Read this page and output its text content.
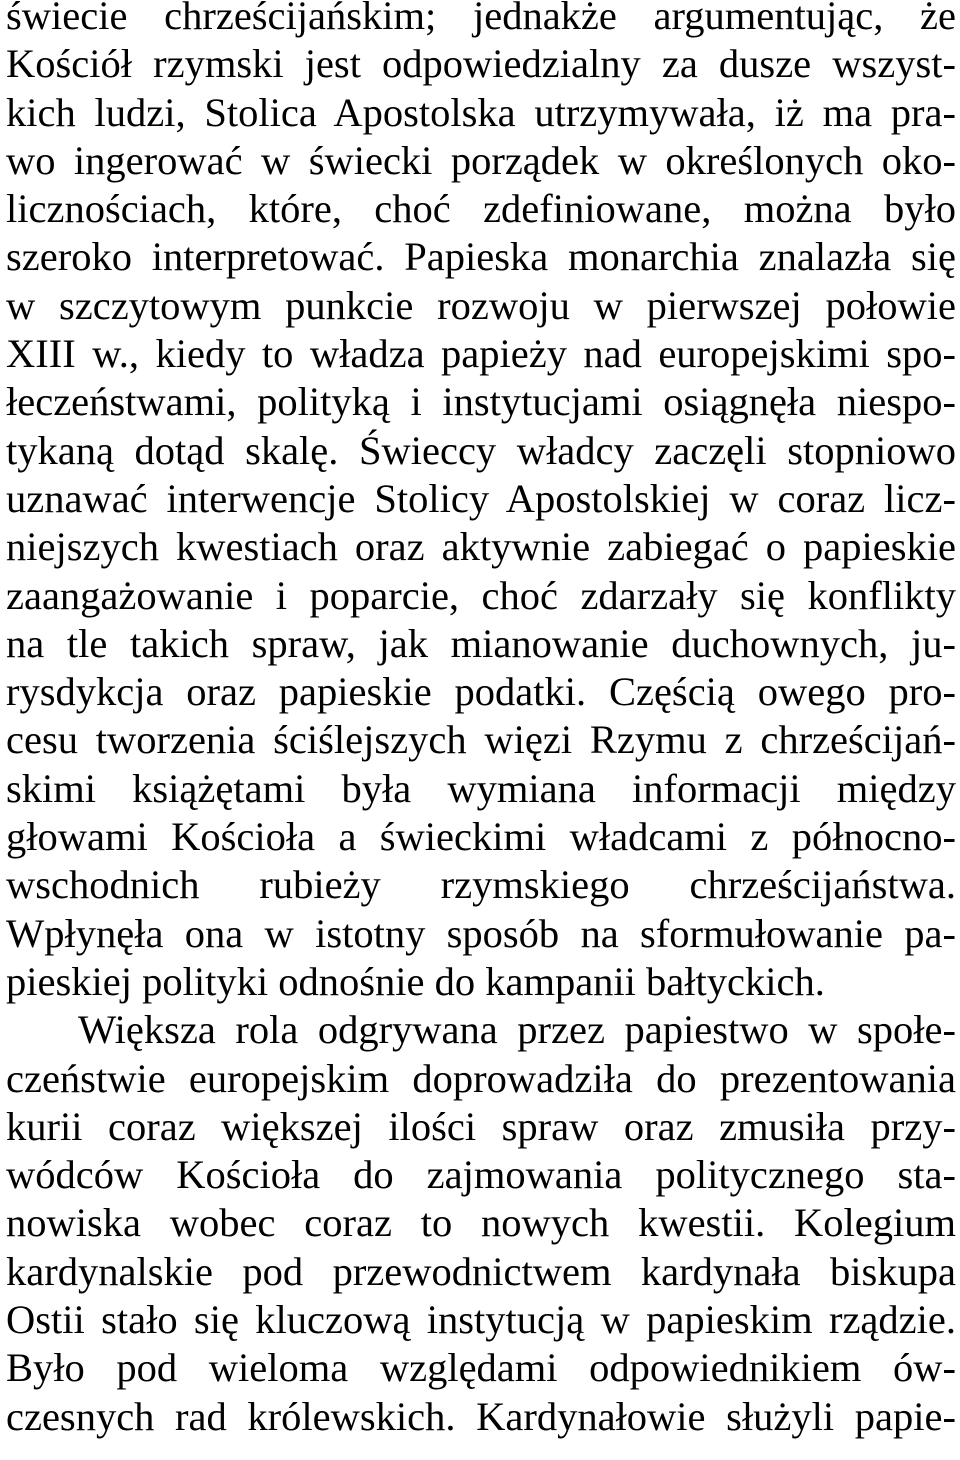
świecie chrześcijańskim; jednakże argumentując, że
Kościół rzymski jest odpowiedzialny za dusze wszyst-
kich ludzi, Stolica Apostolska utrzymywała, iż ma pra-
wo ingerować w świecki porządek w określonych oko-
licznościach, które, choć zdefiniowane, można było
szeroko interpretować. Papieska monarchia znalazła się
w szczytowym punkcie rozwoju w pierwszej połowie
XIII w., kiedy to władza papieży nad europejskimi spo-
łeczeństwami, polityką i instytucjami osiągnęła niespo-
tykaną dotąd skalę. Świeccy władcy zaczęli stopniowo
uznawać interwencje Stolicy Apostolskiej w coraz licz-
niejszych kwestiach oraz aktywnie zabiegać o papieskie
zaangażowanie i poparcie, choć zdarzały się konflikty
na tle takich spraw, jak mianowanie duchownych, ju-
rysdykcja oraz papieskie podatki. Częścią owego pro-
cesu tworzenia ściślejszych więzi Rzymu z chrześcijań-
skimi książętami była wymiana informacji między
głowami Kościoła a świeckimi władcami z północno-
wschodnich rubieży rzymskiego chrześcijaństwa.
Wpłynęła ona w istotny sposób na sformułowanie pa-
pieskiej polityki odnośnie do kampanii bałtyckich.
Większa rola odgrywana przez papiestwo w społe-
czeństwie europejskim doprowadziła do prezentowania
kurii coraz większej ilości spraw oraz zmusiła przy-
wódców Kościoła do zajmowania politycznego sta-
nowiska wobec coraz to nowych kwestii. Kolegium
kardynalskie pod przewodnictwem kardynała biskupa
Ostii stało się kluczową instytucją w papieskim rządzie.
Było pod wieloma względami odpowiednikiem ów-
czesnych rad królewskich. Kardynałowie służyli papie-
